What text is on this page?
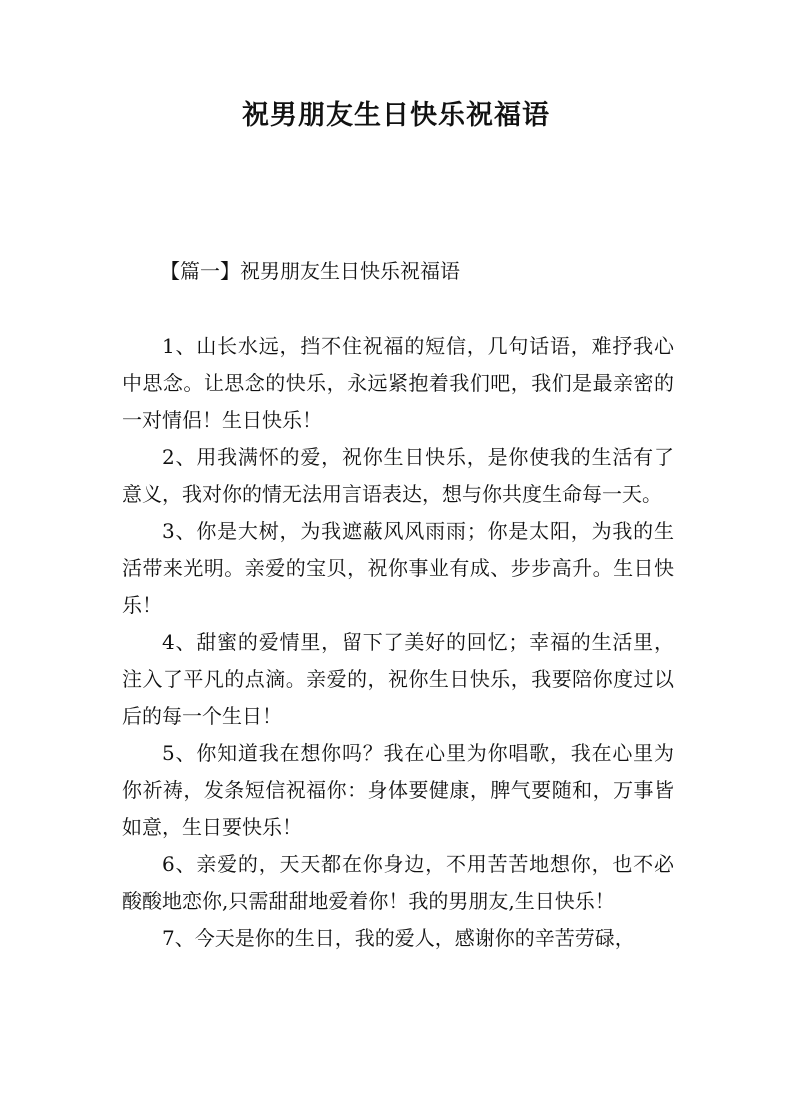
祝男朋友生日快乐祝福语
【篇一】祝男朋友生日快乐祝福语

1、山长水远，挡不住祝福的短信，几句话语，难抒我心中思念。让思念的快乐，永远紧抱着我们吧，我们是最亲密的一对情侣！生日快乐！

2、用我满怀的爱，祝你生日快乐，是你使我的生活有了意义，我对你的情无法用言语表达，想与你共度生命每一天。

3、你是大树，为我遮蔽风风雨雨；你是太阳，为我的生活带来光明。亲爱的宝贝，祝你事业有成、步步高升。生日快乐！

4、甜蜜的爱情里，留下了美好的回忆；幸福的生活里，注入了平凡的点滴。亲爱的，祝你生日快乐，我要陪你度过以后的每一个生日！

5、你知道我在想你吗？我在心里为你唱歌，我在心里为你祈祷，发条短信祝福你：身体要健康，脾气要随和，万事皆如意，生日要快乐！

6、亲爱的，天天都在你身边，不用苦苦地想你，也不必酸酸地恋你,只需甜甜地爱着你！我的男朋友,生日快乐！

7、今天是你的生日，我的爱人，感谢你的辛苦劳碌，
